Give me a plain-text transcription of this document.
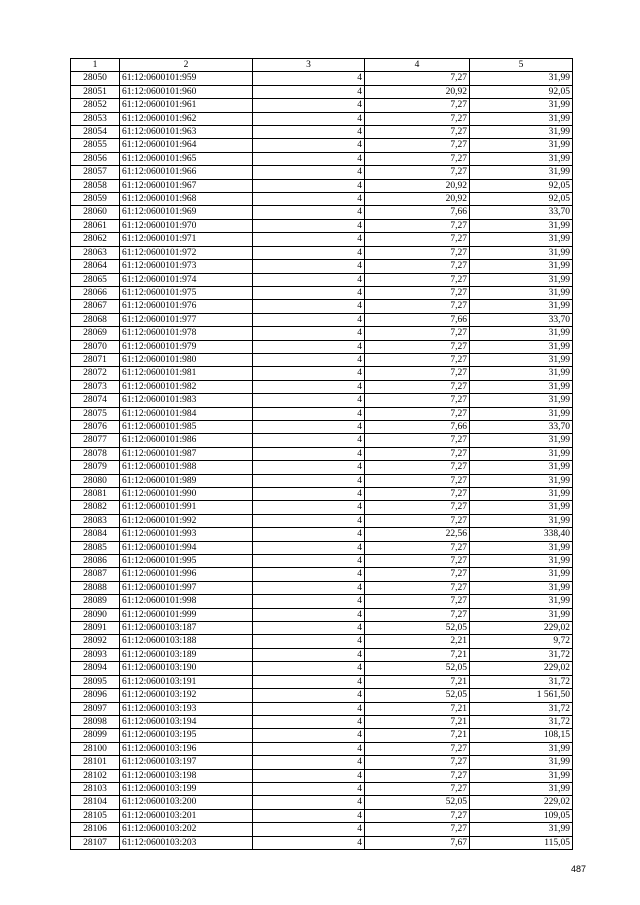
1	2	3	4	5
28050	61:12:0600101:959	4	7,27	31,99
28051	61:12:0600101:960	4	20,92	92,05
28052	61:12:0600101:961	4	7,27	31,99
28053	61:12:0600101:962	4	7,27	31,99
28054	61:12:0600101:963	4	7,27	31,99
28055	61:12:0600101:964	4	7,27	31,99
28056	61:12:0600101:965	4	7,27	31,99
28057	61:12:0600101:966	4	7,27	31,99
28058	61:12:0600101:967	4	20,92	92,05
28059	61:12:0600101:968	4	20,92	92,05
28060	61:12:0600101:969	4	7,66	33,70
28061	61:12:0600101:970	4	7,27	31,99
28062	61:12:0600101:971	4	7,27	31,99
28063	61:12:0600101:972	4	7,27	31,99
28064	61:12:0600101:973	4	7,27	31,99
28065	61:12:0600101:974	4	7,27	31,99
28066	61:12:0600101:975	4	7,27	31,99
28067	61:12:0600101:976	4	7,27	31,99
28068	61:12:0600101:977	4	7,66	33,70
28069	61:12:0600101:978	4	7,27	31,99
28070	61:12:0600101:979	4	7,27	31,99
28071	61:12:0600101:980	4	7,27	31,99
28072	61:12:0600101:981	4	7,27	31,99
28073	61:12:0600101:982	4	7,27	31,99
28074	61:12:0600101:983	4	7,27	31,99
28075	61:12:0600101:984	4	7,27	31,99
28076	61:12:0600101:985	4	7,66	33,70
28077	61:12:0600101:986	4	7,27	31,99
28078	61:12:0600101:987	4	7,27	31,99
28079	61:12:0600101:988	4	7,27	31,99
28080	61:12:0600101:989	4	7,27	31,99
28081	61:12:0600101:990	4	7,27	31,99
28082	61:12:0600101:991	4	7,27	31,99
28083	61:12:0600101:992	4	7,27	31,99
28084	61:12:0600101:993	4	22,56	338,40
28085	61:12:0600101:994	4	7,27	31,99
28086	61:12:0600101:995	4	7,27	31,99
28087	61:12:0600101:996	4	7,27	31,99
28088	61:12:0600101:997	4	7,27	31,99
28089	61:12:0600101:998	4	7,27	31,99
28090	61:12:0600101:999	4	7,27	31,99
28091	61:12:0600103:187	4	52,05	229,02
28092	61:12:0600103:188	4	2,21	9,72
28093	61:12:0600103:189	4	7,21	31,72
28094	61:12:0600103:190	4	52,05	229,02
28095	61:12:0600103:191	4	7,21	31,72
28096	61:12:0600103:192	4	52,05	1 561,50
28097	61:12:0600103:193	4	7,21	31,72
28098	61:12:0600103:194	4	7,21	31,72
28099	61:12:0600103:195	4	7,21	108,15
28100	61:12:0600103:196	4	7,27	31,99
28101	61:12:0600103:197	4	7,27	31,99
28102	61:12:0600103:198	4	7,27	31,99
28103	61:12:0600103:199	4	7,27	31,99
28104	61:12:0600103:200	4	52,05	229,02
28105	61:12:0600103:201	4	7,27	109,05
28106	61:12:0600103:202	4	7,27	31,99
28107	61:12:0600103:203	4	7,67	115,05
487
